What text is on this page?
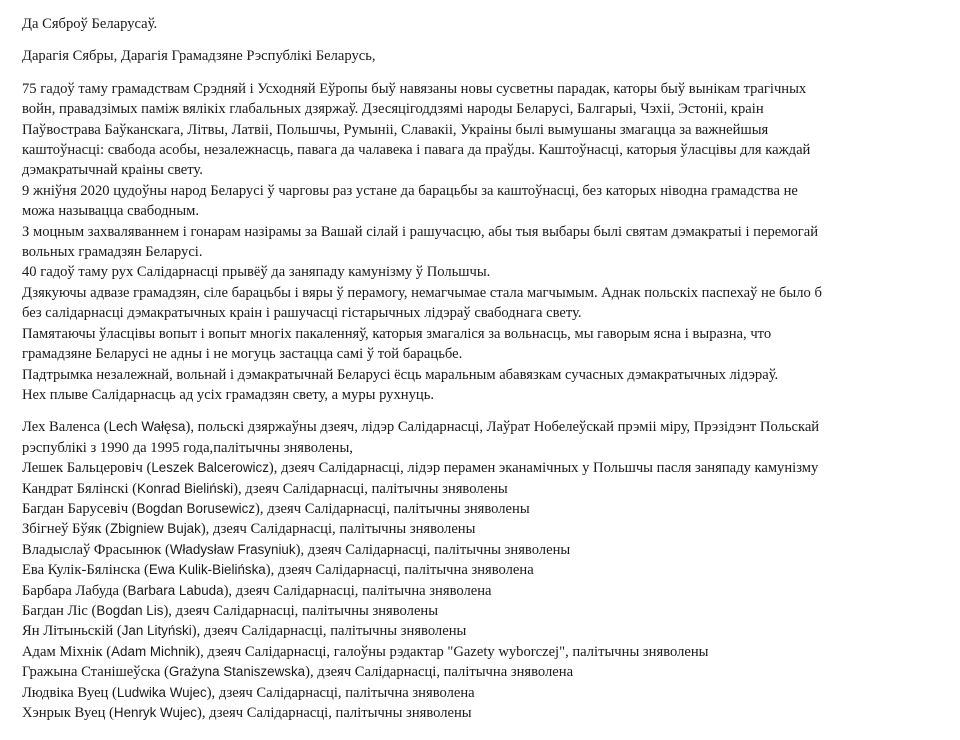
Да Сяброў Беларусаў.
Дарагія Сябры, Дарагія Грамадзяне Рэспублікі Беларусь,
75 гадоў таму грамадствам Срэдняй і Усходняй Еўропы быў навязаны новы сусветны парадак, каторы быў вынікам трагічных
войн, правадзімых паміж вялікіх глабальных дзяржаў. Дзесяцігоддзямі народы Беларусі, Балгарыі, Чэхіі, Эстоніі, краін
Паўвострава Баўканскага, Літвы, Латвіі, Польшчы, Румыніі, Славакіі, Украіны былі вымушаны змагацца за важнейшыя
каштоўнасці: свабода асобы, незалежнасць, павага да чалавека і павага да праўды. Каштоўнасці, каторыя ўласцівы для каждай
дэмакратычнай краіны свету.
9 жніўня 2020 цудоўны народ Беларусі ў чарговы раз устане да барацьбы за каштоўнасці, без каторых ніводна грамадства не
можа называцца свабодным.
З моцным захваляваннем і гонарам назірамы за Вашай сілай і рашучасцю, абы тыя выбары былі святам дэмакратыі і перемогай
вольных грамадзян Беларусі.
40 гадоў таму рух Салідарнасці прывёў да заняпаду камунізму ў Польшчы.
Дзякуючы адвазе грамадзян, сіле барацьбы і вяры ў перамогу, немагчымае стала магчымым. Аднак польскіх паспехаў не было б
без салідарнасці дэмакратычных краін і рашучасці гістарычных лідэраў свабоднага свету.
Памятаючы ўласцівы вопыт і вопыт многіх пакаленняў, каторыя змагаліся за вольнасць, мы гаворым ясна і выразна, что
грамадзяне Беларусі не адны і не могуць застацца самі ў той барацьбе.
Падтрымка незалежнай, вольнай і дэмакратычнай Беларусі ёсць маральным абавязкам сучасных дэмакратычных лідэраў.
Нех плыве Салідарнасць ад усіх грамадзян свету, а муры рухнуць.
Лех Валенса (Lech Wałęsa), польскі дзяржаўны дзеяч, лідэр Салідарнасці, Лаўрат Нобелеўскай прэміі міру, Прэзідэнт Польскай
рэспублікі з 1990 да 1995 года,палітычны зняволены,
Лешек Бальцеровіч (Leszek Balcerowicz), дзеяч Салідарнасці, лідэр перамен эканамічных у Польшчы пасля заняпаду камунізму
Кандрат Бялінскі (Konrad Bieliński), дзеяч Салідарнасці, палітычны зняволены
Багдан Барусевіч (Bogdan Borusewicz), дзеяч Салідарнасці, палітычны зняволены
Збігнеў Бўяк (Zbigniew Bujak), дзеяч Салідарнасці, палітычны зняволены
Владыслаў Фрасынюк (Władysław Frasyniuk), дзеяч Салідарнасці, палітычны зняволены
Ева Кулік-Бялінска (Ewa Kulik-Bielińska), дзеяч Салідарнасці, палітычна зняволена
Барбара Лабуда (Barbara Labuda), дзеяч Салідарнасці, палітычна зняволена
Багдан Ліс (Bogdan Lis), дзеяч Салідарнасці, палітычны зняволены
Ян Літыньскій (Jan Lityński), дзеяч Салідарнасці, палітычны зняволены
Адам Міхнік (Adam Michnik), дзеяч Салідарнасці, галоўны рэдактар "Gazety wyborczej", палітычны зняволены
Гражына Станішеўска (Grażyna Staniszewska), дзеяч Салідарнасці, палітычна зняволена
Людвіка Вуец (Ludwika Wujec), дзеяч Салідарнасці, палітычна зняволена
Хэнрык Вуец (Henryk Wujec), дзеяч Салідарнасці, палітычны зняволены
